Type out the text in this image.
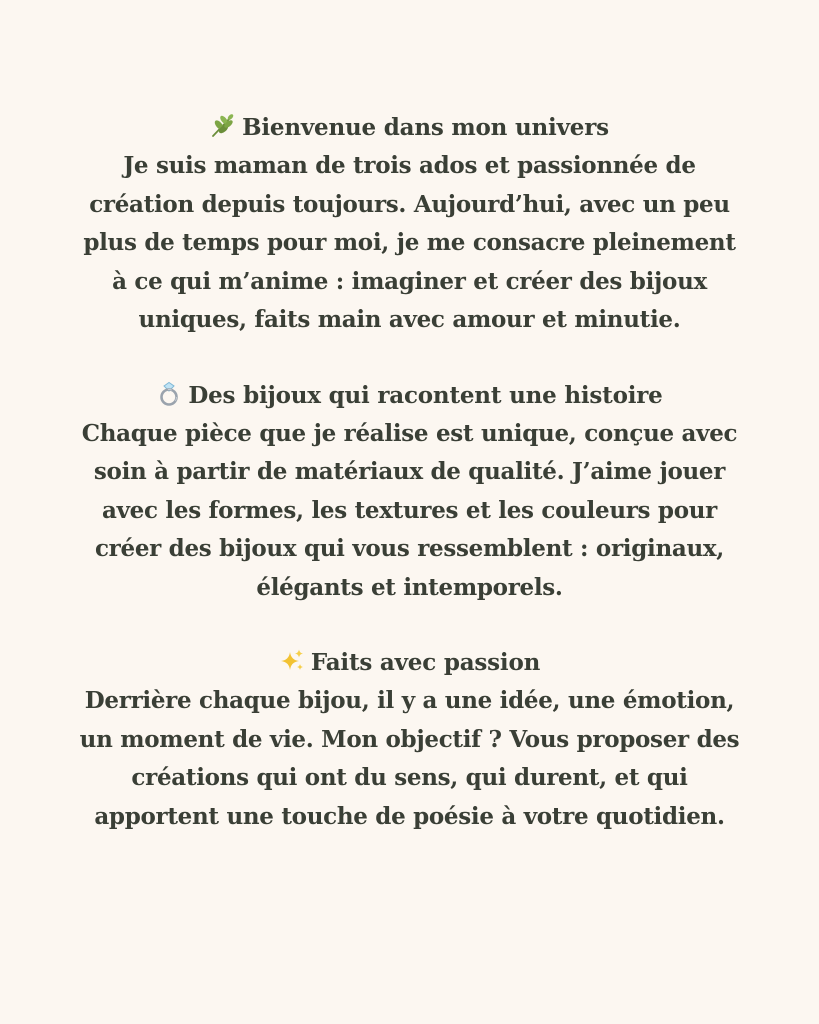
Bienvenue dans mon univers
Je suis maman de trois ados et passionnée de
création depuis toujours. Aujourd’hui, avec un peu
plus de temps pour moi, je me consacre pleinement
à ce qui m’anime : imaginer et créer des bijoux
uniques, faits main avec amour et minutie.
Des bijoux qui racontent une histoire
Chaque pièce que je réalise est unique, conçue avec
soin à partir de matériaux de qualité. J’aime jouer
avec les formes, les textures et les couleurs pour
créer des bijoux qui vous ressemblent : originaux,
élégants et intemporels.
Faits avec passion
Derrière chaque bijou, il y a une idée, une émotion,
un moment de vie. Mon objectif ? Vous proposer des
créations qui ont du sens, qui durent, et qui
apportent une touche de poésie à votre quotidien.
